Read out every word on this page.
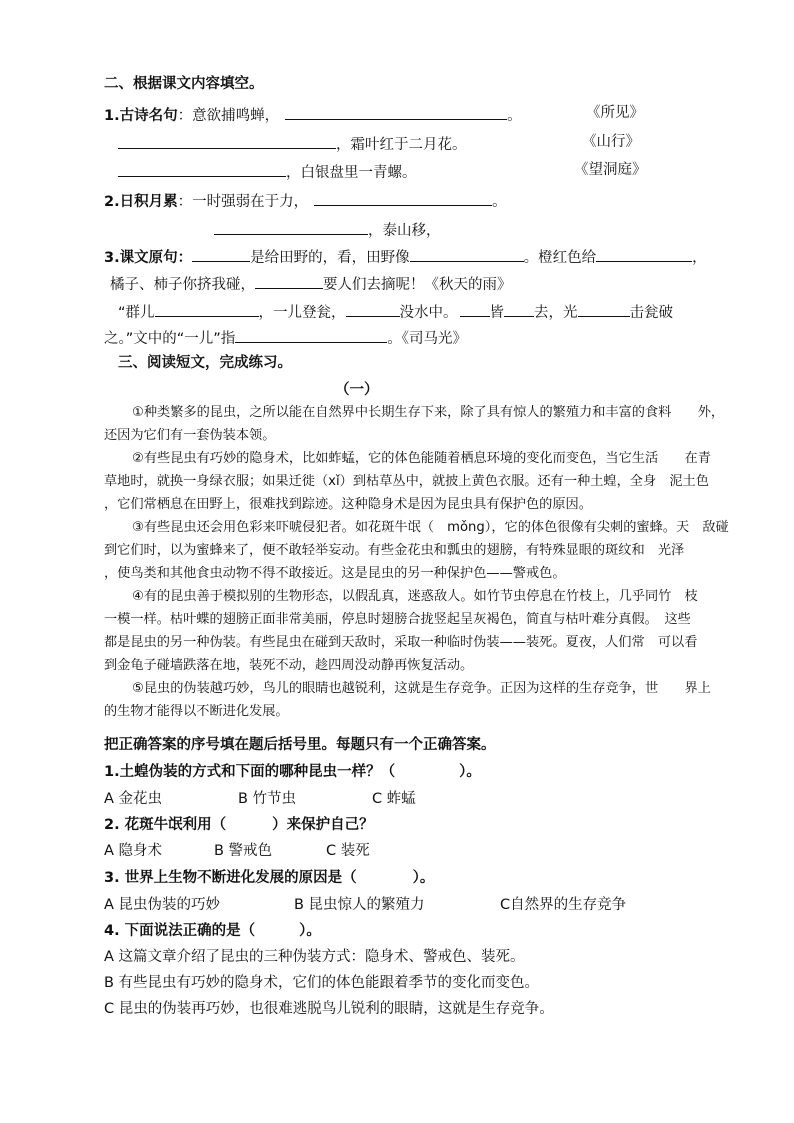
二、根据课文内容填空。
1.古诗名句：意欲捕鸣蝉，	。	《所见》
，霜叶红于二月花。	《山行》
，白银盘里一青螺。	《望洞庭》
2.日积月累：一时强弱在于力，	。
，泰山移，
3.课文原句：	是给田野的，看，田野像	。橙红色给	，
橘子、柿子你挤我碰，	要人们去摘呢！《秋天的雨》
“群儿	，一儿登瓮，	没水中。 皆 去，光	击瓮破
之。”文中的“一儿”指	。《司马光》
三、阅读短文，完成练习。
（一）
①种类繁多的昆虫，之所以能在自然界中长期生存下来，除了具有惊人的繁殖力和丰富的食料　　外，
还因为它们有一套伪装本领。
②有些昆虫有巧妙的隐身术，比如蚱蜢，它的体色能随着栖息环境的变化而变色，当它生活　　在青
草地时，就换一身绿衣服；如果迁徙（xǐ）到枯草丛中，就披上黄色衣服。还有一种土蝗，全身　泥土色
，它们常栖息在田野上，很难找到踪迹。这种隐身术是因为昆虫具有保护色的原因。
③有些昆虫还会用色彩来吓唬侵犯者。如花斑牛氓（　mǒng），它的体色很像有尖刺的蜜蜂。天　敌碰
到它们时，以为蜜蜂来了，便不敢轻举妄动。有些金花虫和瓢虫的翅膀，有特殊显眼的斑纹和　光泽
，使鸟类和其他食虫动物不得不敢接近。这是昆虫的另一种保护色——警戒色。
④有的昆虫善于模拟别的生物形态，以假乱真，迷惑敌人。如竹节虫停息在竹枝上，几乎同竹　枝
一模一样。枯叶蝶的翅膀正面非常美丽，停息时翅膀合拢竖起呈灰褐色，简直与枯叶难分真假。　这些
都是昆虫的另一种伪装。有些昆虫在碰到天敌时，采取一种临时伪装——装死。夏夜，人们常　可以看
到金龟子碰墙跌落在地，装死不动，趁四周没动静再恢复活动。
⑤昆虫的伪装越巧妙，鸟儿的眼睛也越锐利，这就是生存竞争。正因为这样的生存竞争，世　　界上
的生物才能得以不断进化发展。
把正确答案的序号填在题后括号里。每题只有一个正确答案。
1.土蝗伪装的方式和下面的哪种昆虫一样？（	）。
A 金花虫	B 竹节虫	C 蚱蜢
2. 花斑牛氓利用（	）来保护自己？
A 隐身术	B 警戒色	C 装死
3. 世界上生物不断进化发展的原因是（	）。
A 昆虫伪装的巧妙	B 昆虫惊人的繁殖力	C自然界的生存竞争
4. 下面说法正确的是（	）。
A 这篇文章介绍了昆虫的三种伪装方式：隐身术、警戒色、装死。
B 有些昆虫有巧妙的隐身术，它们的体色能跟着季节的变化而变色。
C 昆虫的伪装再巧妙，也很难逃脱鸟儿锐利的眼睛，这就是生存竞争。
